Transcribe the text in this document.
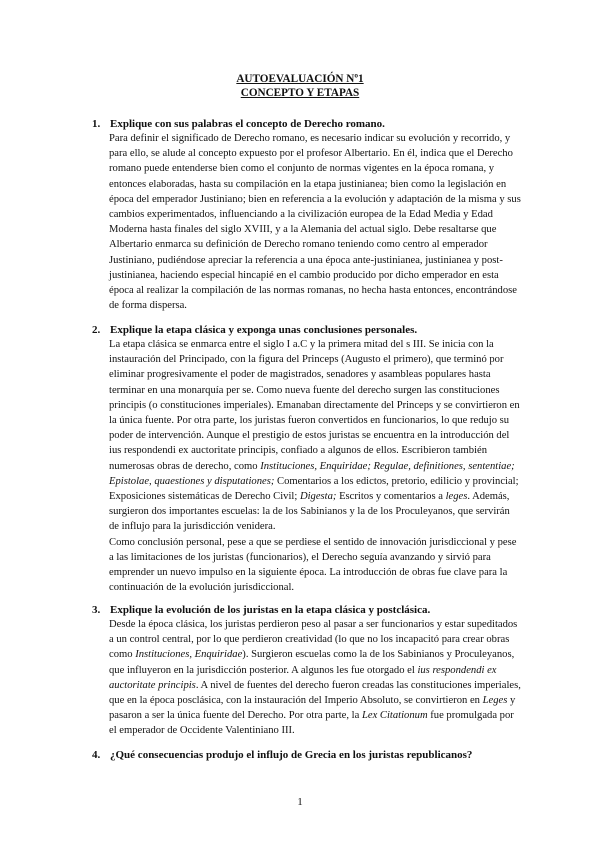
AUTOEVALUACIÓN Nº1
CONCEPTO Y ETAPAS
1. Explique con sus palabras el concepto de Derecho romano.

Para definir el significado de Derecho romano, es necesario indicar su evolución y recorrido, y para ello, se alude al concepto expuesto por el profesor Albertario. En él, indica que el Derecho romano puede entenderse bien como el conjunto de normas vigentes en la época romana, y entonces elaboradas, hasta su compilación en la etapa justinianea; bien como la legislación en época del emperador Justiniano; bien en referencia a la evolución y adaptación de la misma y sus cambios experimentados, influenciando a la civilización europea de la Edad Media y Edad Moderna hasta finales del siglo XVIII, y a la Alemania del actual siglo. Debe resaltarse que Albertario enmarca su definición de Derecho romano teniendo como centro al emperador Justiniano, pudiéndose apreciar la referencia a una época ante-justinianea, justinianea y post-justinianea, haciendo especial hincapié en el cambio producido por dicho emperador en esta época al realizar la compilación de las normas romanas, no hecha hasta entonces, encontrándose de forma dispersa.

2. Explique la etapa clásica y exponga unas conclusiones personales.

La etapa clásica se enmarca entre el siglo I a.C y la primera mitad del s III. Se inicia con la instauración del Principado, con la figura del Princeps (Augusto el primero), que terminó por eliminar progresivamente el poder de magistrados, senadores y asambleas populares hasta terminar en una monarquía per se. Como nueva fuente del derecho surgen las constituciones principis (o constituciones imperiales). Emanaban directamente del Princeps y se convirtieron en la única fuente. Por otra parte, los juristas fueron convertidos en funcionarios, lo que redujo su poder de intervención. Aunque el prestigio de estos juristas se encuentra en la introducción del ius respondendi ex auctoritate principis, confiado a algunos de ellos. Escribieron también numerosas obras de derecho, como Instituciones, Enquiridae; Regulae, definitiones, sententiae; Epistolae, quaestiones y disputationes; Comentarios a los edictos, pretorio, edilicio y provincial; Exposiciones sistemáticas de Derecho Civil; Digesta; Escritos y comentarios a leges. Además, surgieron dos importantes escuelas: la de los Sabinianos y la de los Proculeyanos, que servirán de influjo para la jurisdicción venidera.

Como conclusión personal, pese a que se perdiese el sentido de innovación jurisdiccional y pese a las limitaciones de los juristas (funcionarios), el Derecho seguía avanzando y sirvió para emprender un nuevo impulso en la siguiente época. La introducción de obras fue clave para la continuación de la evolución jurisdiccional.

3. Explique la evolución de los juristas en la etapa clásica y postclásica.

Desde la época clásica, los juristas perdieron peso al pasar a ser funcionarios y estar supeditados a un control central, por lo que perdieron creatividad (lo que no los incapacitó para crear obras como Instituciones, Enquiridae). Surgieron escuelas como la de los Sabinianos y Proculeyanos, que influyeron en la jurisdicción posterior. A algunos les fue otorgado el ius respondendi ex auctoritate principis. A nivel de fuentes del derecho fueron creadas las constituciones imperiales, que en la época posclásica, con la instauración del Imperio Absoluto, se convirtieron en Leges y pasaron a ser la única fuente del Derecho. Por otra parte, la Lex Citationum fue promulgada por el emperador de Occidente Valentiniano III.

4. ¿Qué consecuencias produjo el influjo de Grecia en los juristas republicanos?
1
